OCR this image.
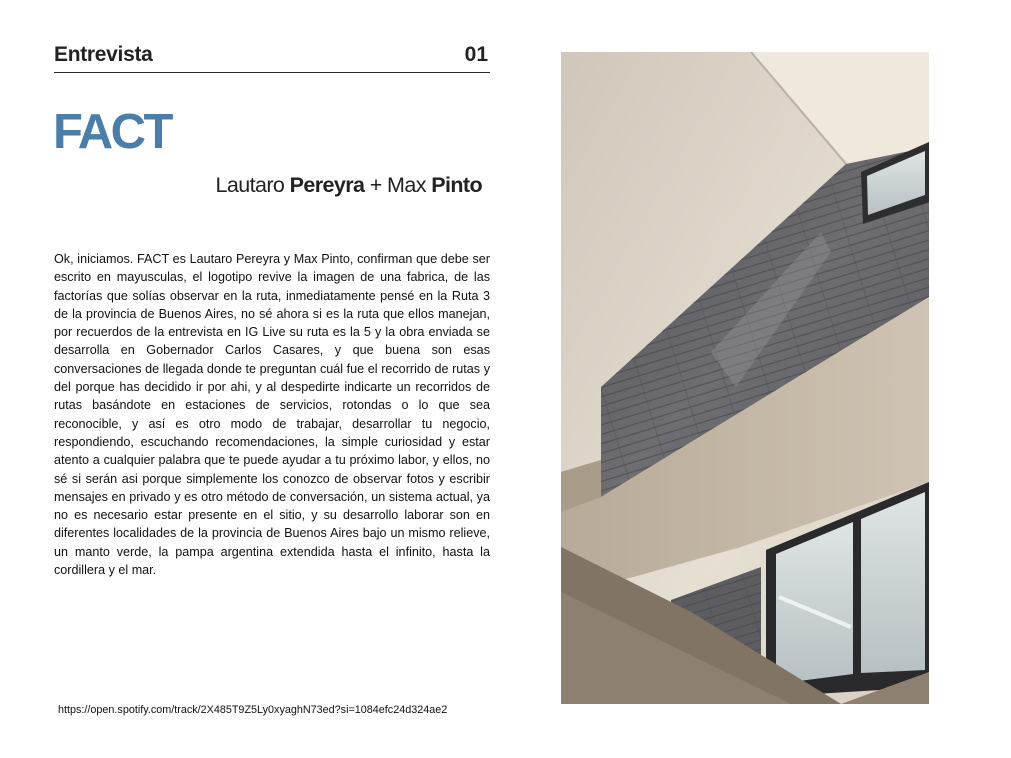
Entrevista	01
FACT
Lautaro Pereyra + Max Pinto
Ok, iniciamos. FACT es Lautaro Pereyra y Max Pinto, confirman que debe ser escrito en mayusculas, el logotipo revive la imagen de una fabrica, de las factorías que solías observar en la ruta, inmediatamente pensé en la Ruta 3 de la provincia de Buenos Aires, no sé ahora si es la ruta que ellos manejan, por recuerdos de la entrevista en IG Live su ruta es la 5 y la obra enviada se desarrolla en Gobernador Carlos Casares, y que buena son esas conversaciones de llegada donde te preguntan cuál fue el recorrido de rutas y del porque has decidido ir por ahi, y al despedirte indicarte un recorridos de rutas basándote en estaciones de servicios, rotondas o lo que sea reconocible, y así es otro modo de trabajar, desarrollar tu negocio, respondiendo, escuchando recomendaciones, la simple curiosidad y estar atento a cualquier palabra que te puede ayudar a tu próximo labor, y ellos, no sé si serán asi porque simplemente los conozco de observar fotos y escribir mensajes en privado y es otro método de conversación, un sistema actual, ya no es necesario estar presente en el sitio, y su desarrollo laborar son en diferentes localidades de la provincia de Buenos Aires bajo un mismo relieve, un manto verde, la pampa argentina extendida hasta el infinito, hasta la cordillera y el mar.
https://open.spotify.com/track/2X485T9Z5Ly0xyaghN73ed?si=1084efc24d324ae2
